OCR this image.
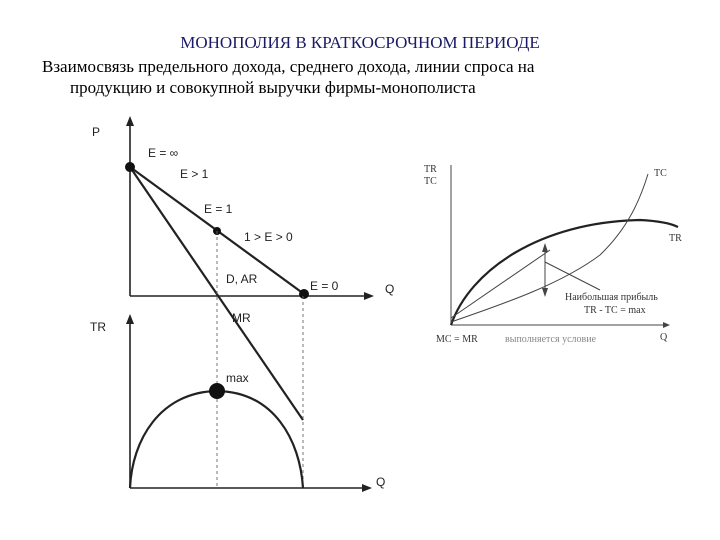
МОНОПОЛИЯ В КРАТКОСРОЧНОМ ПЕРИОДЕ
Взаимосвязь предельного дохода, среднего дохода, линии спроса на
продукцию и совокупной выручки фирмы-монополиста
P
Q
E = ∞
E > 1
E = 1
1 > E > 0
D, AR	E = 0
MR
TR
Q
max
TR
TC
Q
TC
TR
Наибольшая прибыль
TR - TC = max
MC = MR	выполняется условие
